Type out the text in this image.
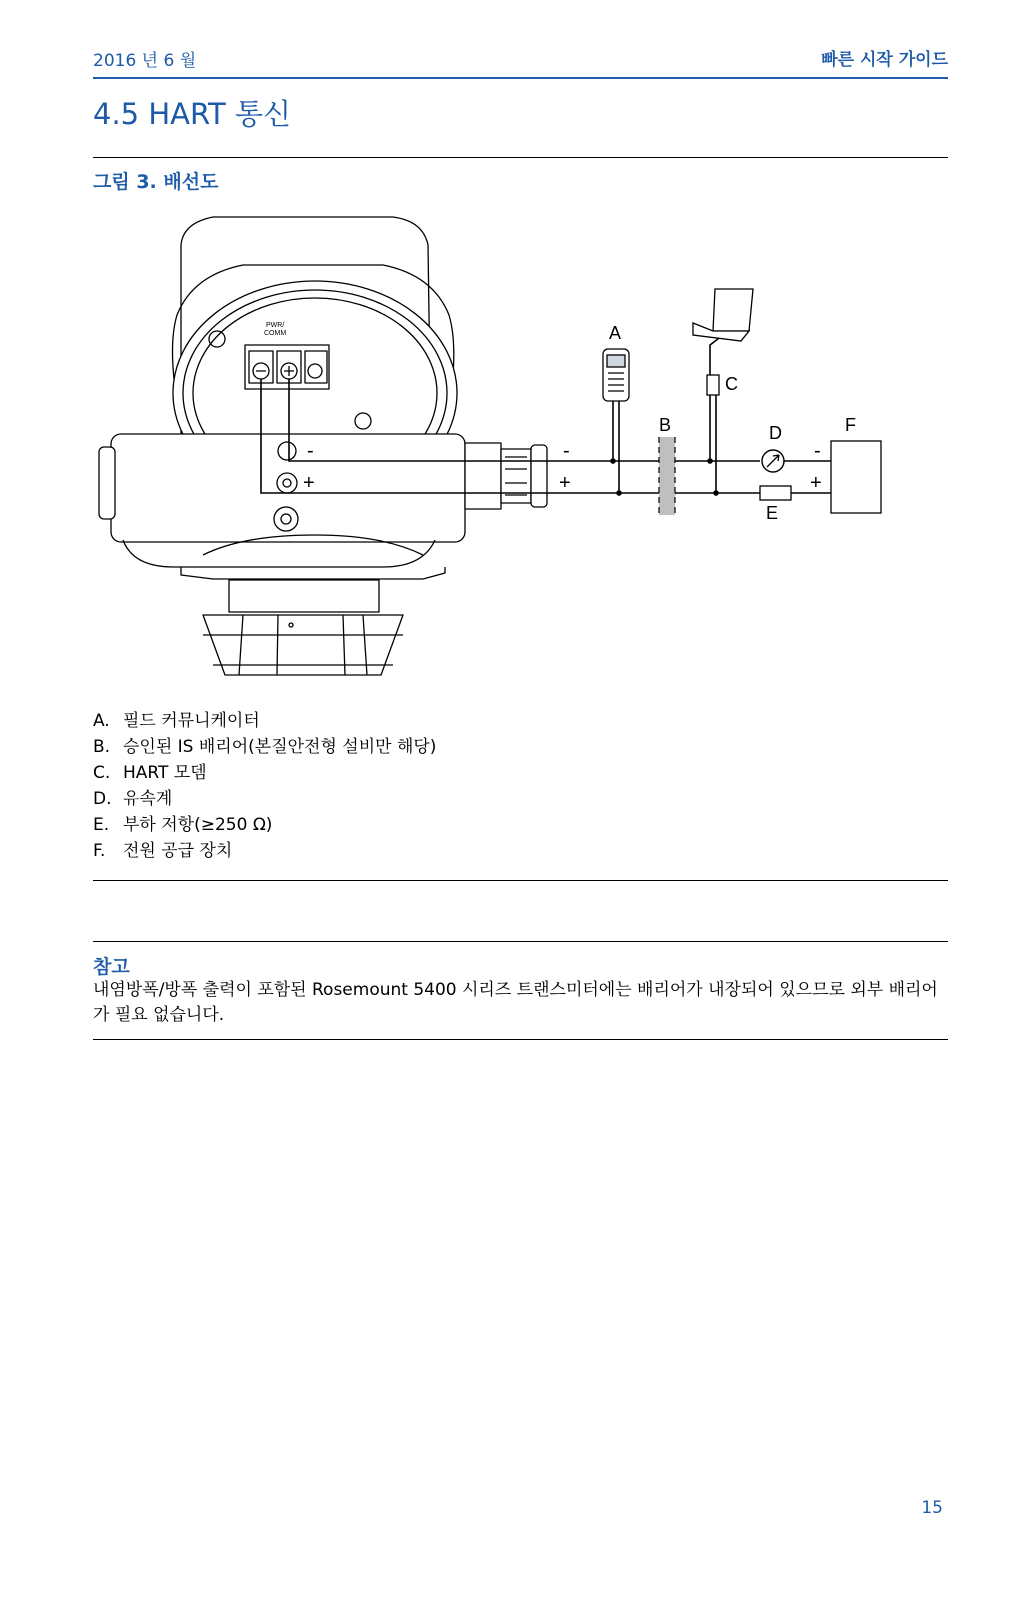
2016 년 6 월	빠른 시작 가이드
4.5 HART 통신
그림 3. 배선도
PWR/
COMM
-
+
-
+
-
+
A
B
C
D
E
F
A. 필드 커뮤니케이터
B. 승인된 IS 배리어(본질안전형 설비만 해당)
C. HART 모뎀
D. 유속계
E. 부하 저항(≥250 Ω)
F. 전원 공급 장치
참고
내염방폭/방폭 출력이 포함된 Rosemount 5400 시리즈 트랜스미터에는 배리어가 내장되어 있으므로 외부 배리어가 필요 없습니다.
15
